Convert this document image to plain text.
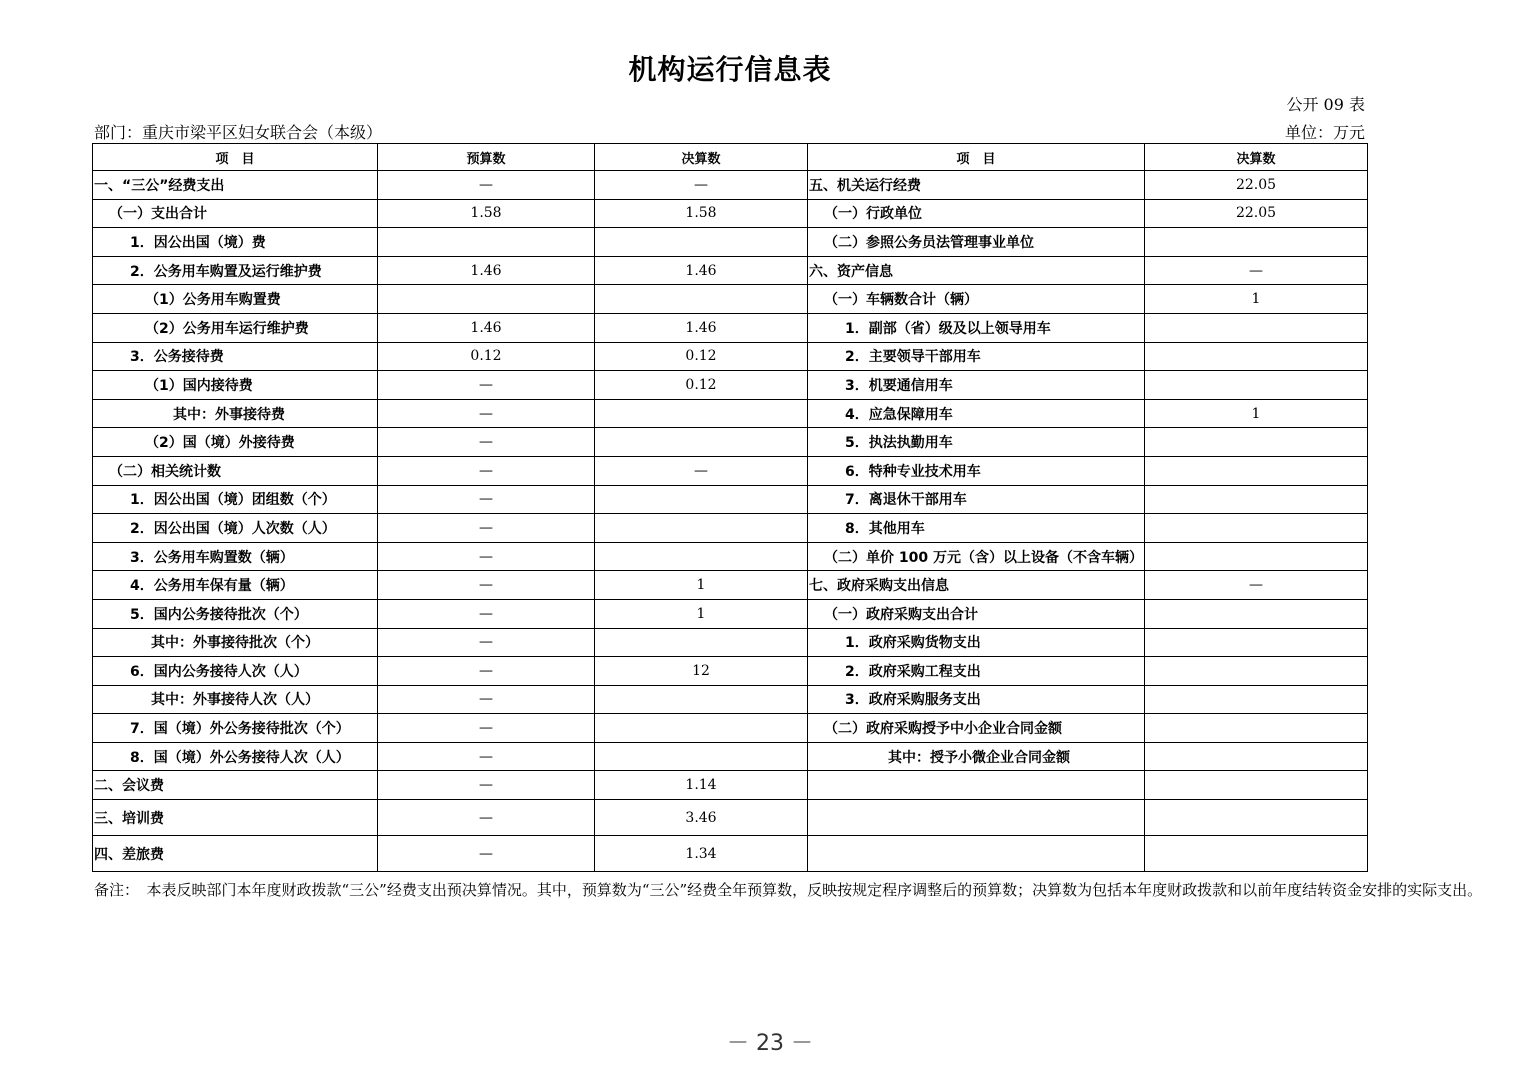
机构运行信息表
公开 09 表
部门：重庆市梁平区妇女联合会（本级）	单位：万元
项　目	预算数	决算数	项　目	决算数
一、“三公”经费支出	—	—	五、机关运行经费	22.05
（一）支出合计	1.58	1.58	（一）行政单位	22.05
1．因公出国（境）费			（二）参照公务员法管理事业单位	
2．公务用车购置及运行维护费	1.46	1.46	六、资产信息	—
（1）公务用车购置费			（一）车辆数合计（辆）	1
（2）公务用车运行维护费	1.46	1.46	1．副部（省）级及以上领导用车	
3．公务接待费	0.12	0.12	2．主要领导干部用车	
（1）国内接待费	—	0.12	3．机要通信用车	
其中：外事接待费	—		4．应急保障用车	1
（2）国（境）外接待费	—		5．执法执勤用车	
（二）相关统计数	—	—	6．特种专业技术用车	
1．因公出国（境）团组数（个）	—		7．离退休干部用车	
2．因公出国（境）人次数（人）	—		8．其他用车	
3．公务用车购置数（辆）	—		（二）单价 100 万元（含）以上设备（不含车辆）	
4．公务用车保有量（辆）	—	1	七、政府采购支出信息	—
5．国内公务接待批次（个）	—	1	（一）政府采购支出合计	
其中：外事接待批次（个）	—		1．政府采购货物支出	
6．国内公务接待人次（人）	—	12	2．政府采购工程支出	
其中：外事接待人次（人）	—		3．政府采购服务支出	
7．国（境）外公务接待批次（个）	—		（二）政府采购授予中小企业合同金额	
8．国（境）外公务接待人次（人）	—		其中：授予小微企业合同金额	
二、会议费	—	1.14		
三、培训费	—	3.46		
四、差旅费	—	1.34		
备注：　本表反映部门本年度财政拨款“三公”经费支出预决算情况。其中，预算数为“三公”经费全年预算数，反映按规定程序调整后的预算数；决算数为包括本年度财政拨款和以前年度结转资金安排的实际支出。
－ 23 －
